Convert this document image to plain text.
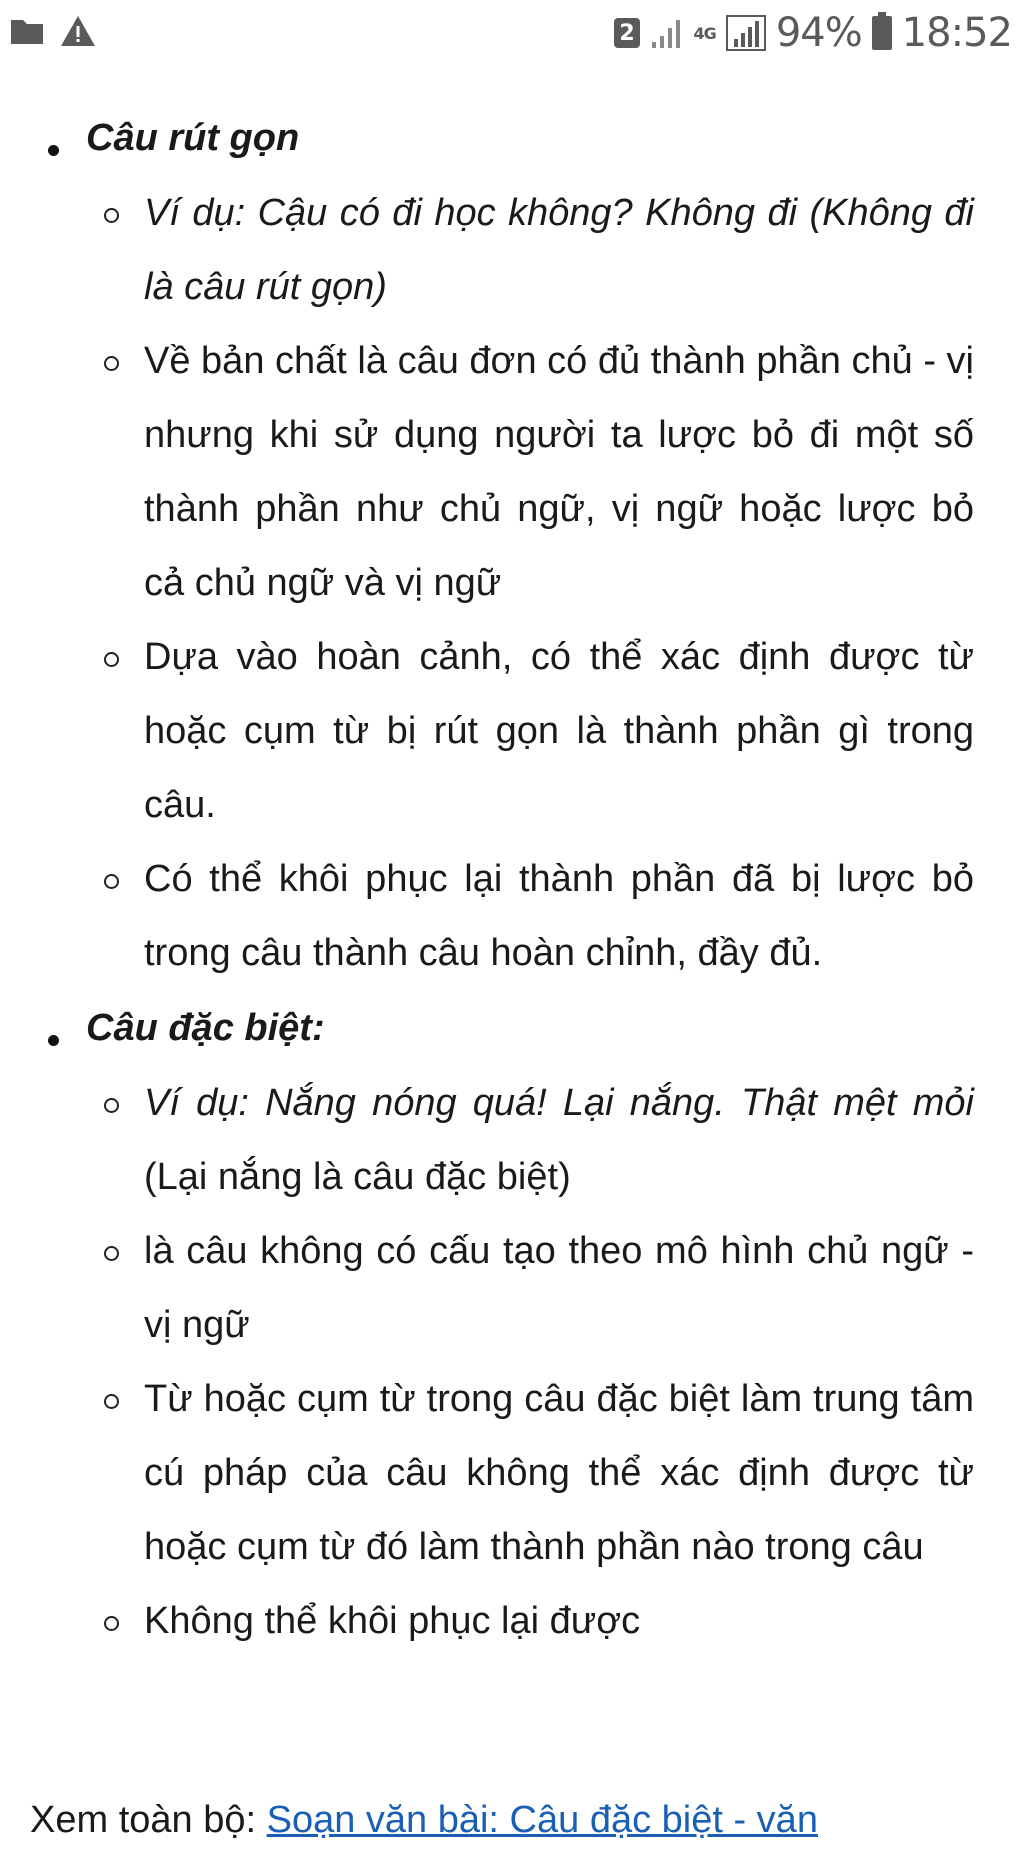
2	4G 94% 18:52
Câu rút gọn
Ví dụ: Cậu có đi học không? Không đi (Không đi là câu rút gọn)
Về bản chất là câu đơn có đủ thành phần chủ - vị nhưng khi sử dụng người ta lược bỏ đi một số thành phần như chủ ngữ, vị ngữ hoặc lược bỏ cả chủ ngữ và vị ngữ
Dựa vào hoàn cảnh, có thể xác định được từ hoặc cụm từ bị rút gọn là thành phần gì trong câu.
Có thể khôi phục lại thành phần đã bị lược bỏ trong câu thành câu hoàn chỉnh, đầy đủ.
Câu đặc biệt:
Ví dụ: Nắng nóng quá! Lại nắng. Thật mệt mỏi (Lại nắng là câu đặc biệt)
là câu không có cấu tạo theo mô hình chủ ngữ - vị ngữ
Từ hoặc cụm từ trong câu đặc biệt làm trung tâm cú pháp của câu không thể xác định được từ hoặc cụm từ đó làm thành phần nào trong câu
Không thể khôi phục lại được
Xem toàn bộ: Soạn văn bài: Câu đặc biệt - văn
